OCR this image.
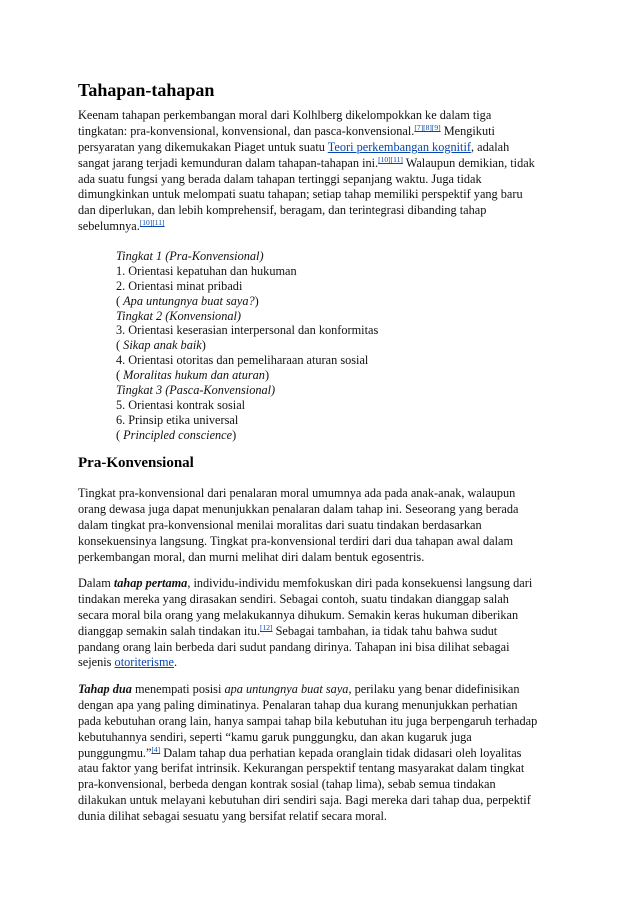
Tahapan-tahapan
Keenam tahapan perkembangan moral dari Kolhlberg dikelompokkan ke dalam tiga
tingkatan: pra-konvensional, konvensional, dan pasca-konvensional.[7][8][9] Mengikuti
persyaratan yang dikemukakan Piaget untuk suatu Teori perkembangan kognitif, adalah
sangat jarang terjadi kemunduran dalam tahapan-tahapan ini.[10][11] Walaupun demikian, tidak
ada suatu fungsi yang berada dalam tahapan tertinggi sepanjang waktu. Juga tidak
dimungkinkan untuk melompati suatu tahapan; setiap tahap memiliki perspektif yang baru
dan diperlukan, dan lebih komprehensif, beragam, dan terintegrasi dibanding tahap
sebelumnya.[10][11]
Tingkat 1 (Pra-Konvensional)
1. Orientasi kepatuhan dan hukuman
2. Orientasi minat pribadi
( Apa untungnya buat saya?)
Tingkat 2 (Konvensional)
3. Orientasi keserasian interpersonal dan konformitas
( Sikap anak baik)
4. Orientasi otoritas dan pemeliharaan aturan sosial
( Moralitas hukum dan aturan)
Tingkat 3 (Pasca-Konvensional)
5. Orientasi kontrak sosial
6. Prinsip etika universal
( Principled conscience)
Pra-Konvensional
Tingkat pra-konvensional dari penalaran moral umumnya ada pada anak-anak, walaupun
orang dewasa juga dapat menunjukkan penalaran dalam tahap ini. Seseorang yang berada
dalam tingkat pra-konvensional menilai moralitas dari suatu tindakan berdasarkan
konsekuensinya langsung. Tingkat pra-konvensional terdiri dari dua tahapan awal dalam
perkembangan moral, dan murni melihat diri dalam bentuk egosentris.
Dalam tahap pertama, individu-individu memfokuskan diri pada konsekuensi langsung dari
tindakan mereka yang dirasakan sendiri. Sebagai contoh, suatu tindakan dianggap salah
secara moral bila orang yang melakukannya dihukum. Semakin keras hukuman diberikan
dianggap semakin salah tindakan itu.[12] Sebagai tambahan, ia tidak tahu bahwa sudut
pandang orang lain berbeda dari sudut pandang dirinya. Tahapan ini bisa dilihat sebagai
sejenis otoriterisme.
Tahap dua menempati posisi apa untungnya buat saya, perilaku yang benar didefinisikan
dengan apa yang paling diminatinya. Penalaran tahap dua kurang menunjukkan perhatian
pada kebutuhan orang lain, hanya sampai tahap bila kebutuhan itu juga berpengaruh terhadap
kebutuhannya sendiri, seperti “kamu garuk punggungku, dan akan kugaruk juga
punggungmu.”[4] Dalam tahap dua perhatian kepada oranglain tidak didasari oleh loyalitas
atau faktor yang berifat intrinsik. Kekurangan perspektif tentang masyarakat dalam tingkat
pra-konvensional, berbeda dengan kontrak sosial (tahap lima), sebab semua tindakan
dilakukan untuk melayani kebutuhan diri sendiri saja. Bagi mereka dari tahap dua, perpektif
dunia dilihat sebagai sesuatu yang bersifat relatif secara moral.
